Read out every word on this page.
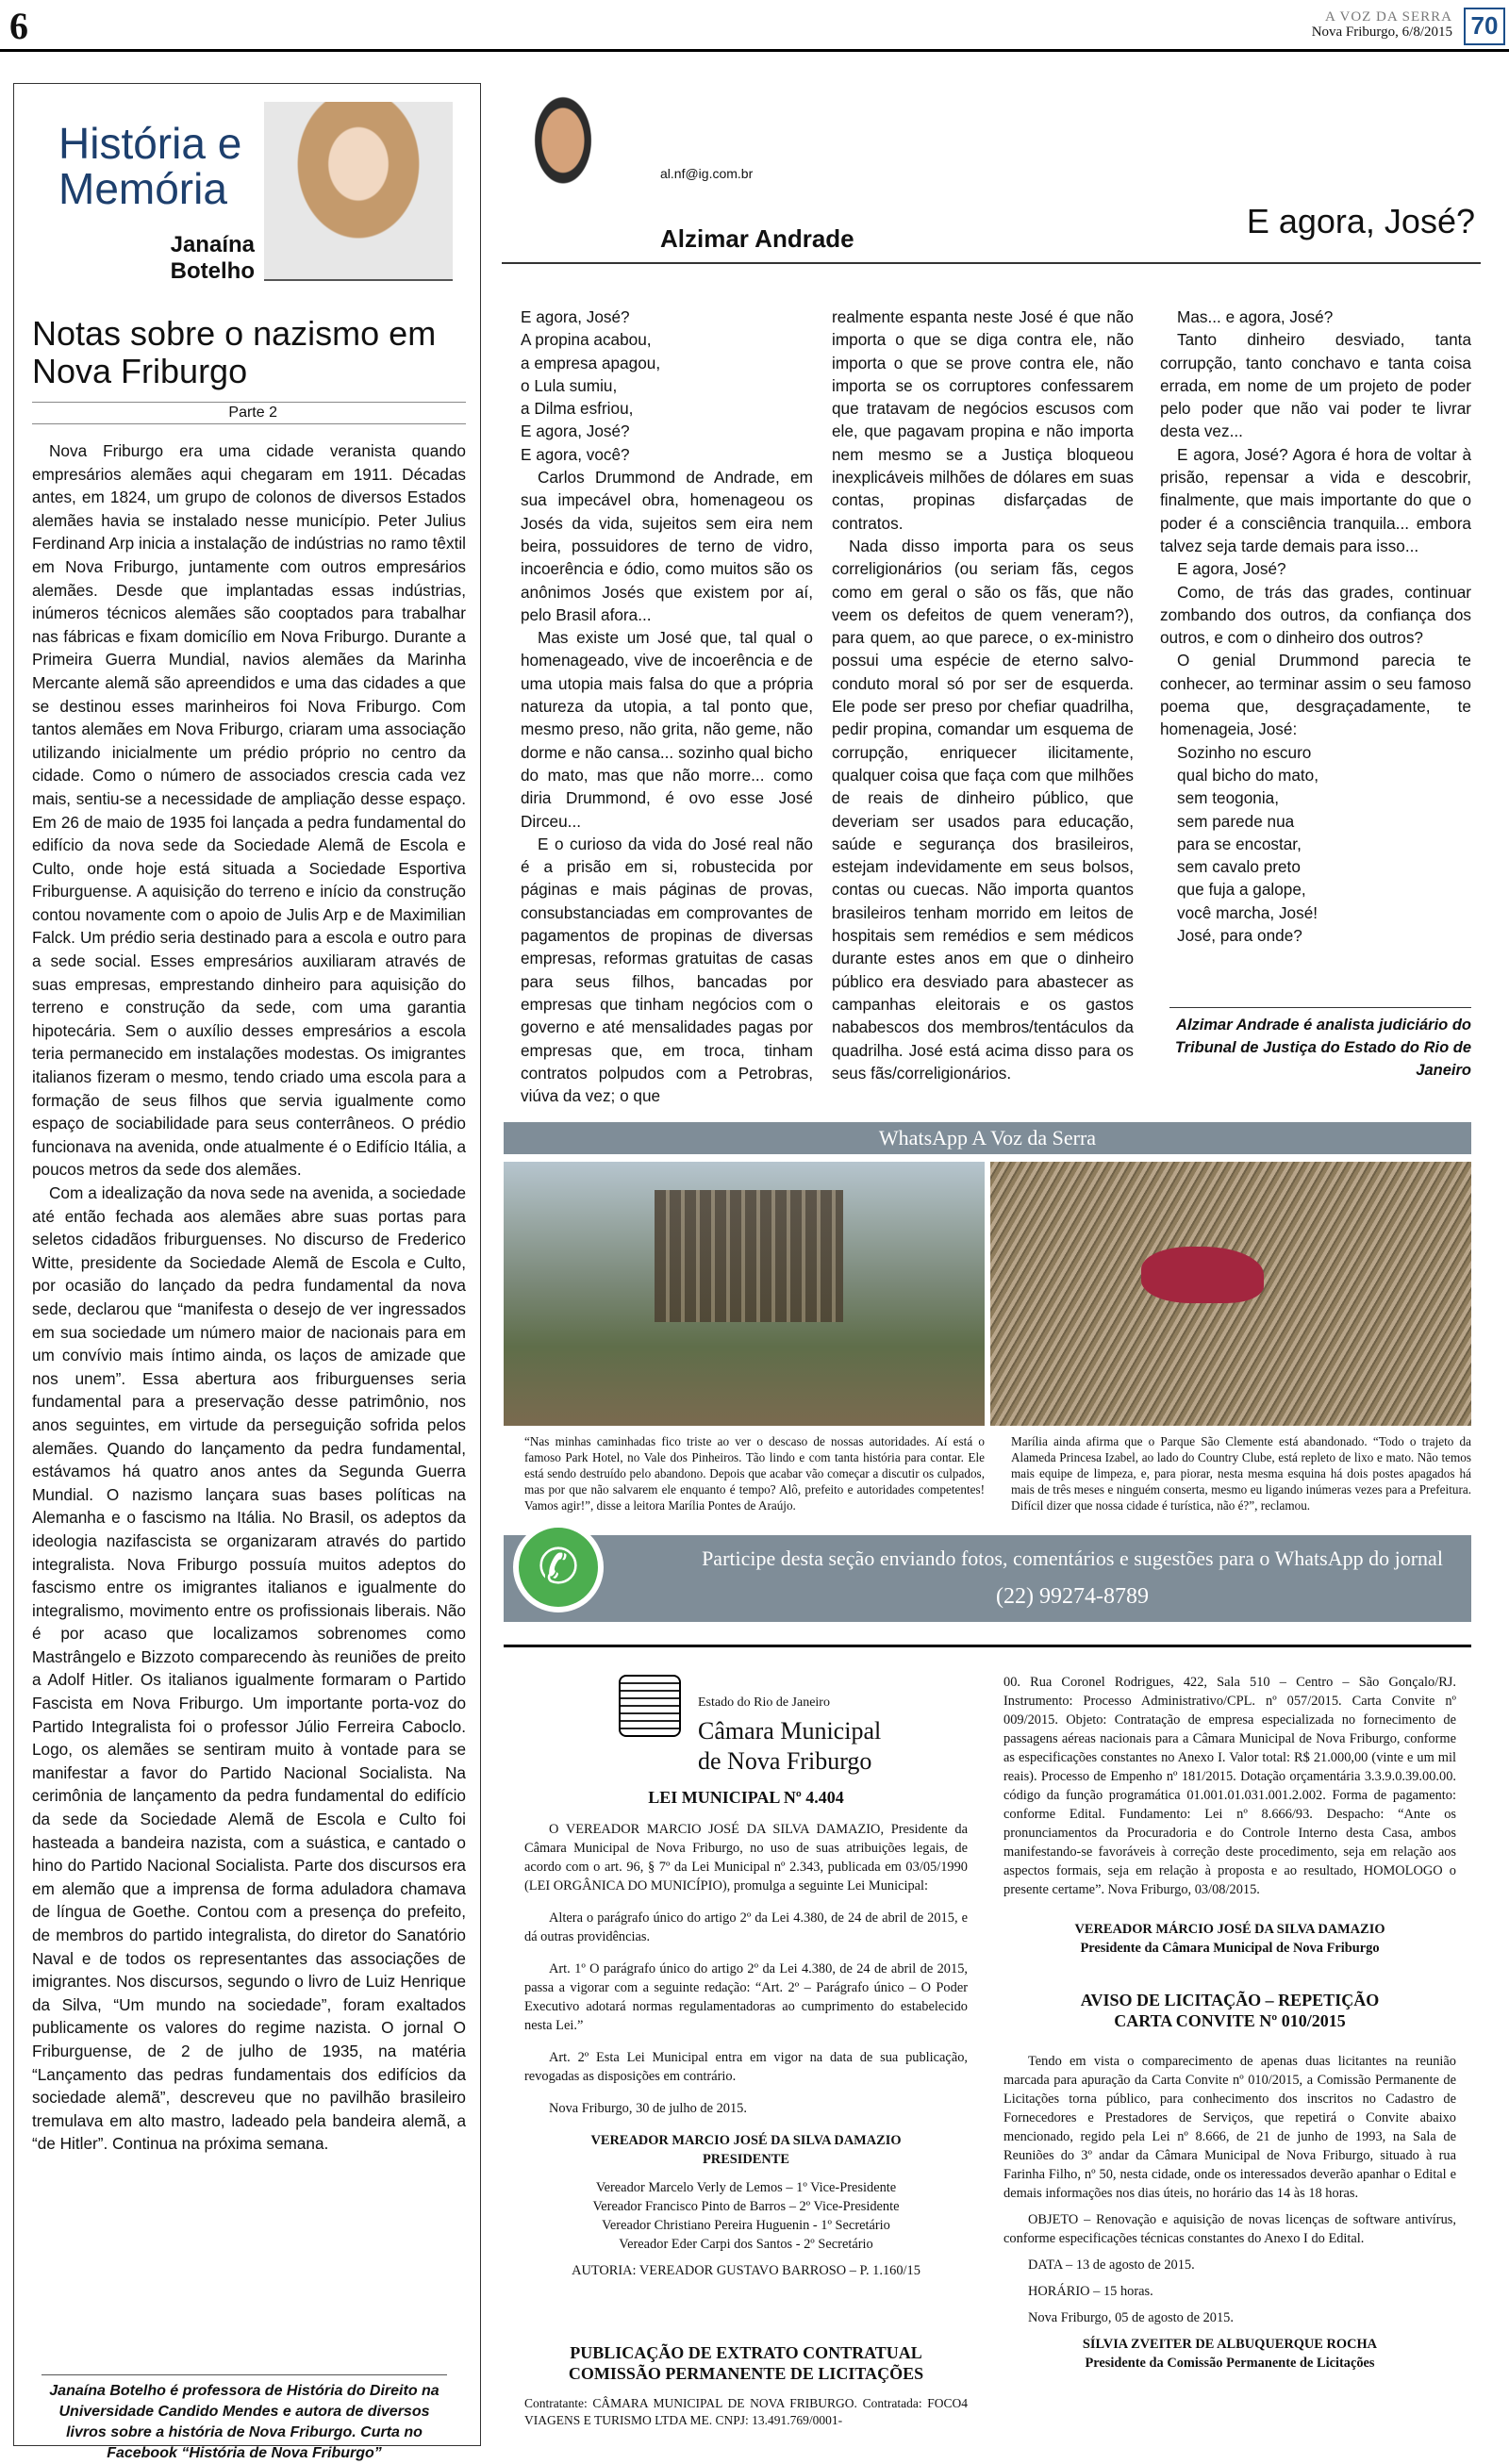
6	A VOZ DA SERRA
Nova Friburgo, 6/8/2015 70
História e
Memória
Janaína
Botelho
Notas sobre o nazismo em Nova Friburgo
Parte 2

Nova Friburgo era uma cidade veranista quando empresários alemães aqui chegaram em 1911. Décadas antes, em 1824, um grupo de colonos de diversos Estados alemães havia se instalado nesse município. Peter Julius Ferdinand Arp inicia a instalação de indústrias no ramo têxtil em Nova Friburgo, juntamente com outros empresários alemães. Desde que implantadas essas indústrias, inúmeros técnicos alemães são cooptados para trabalhar nas fábricas e fixam domicílio em Nova Friburgo. Durante a Primeira Guerra Mundial, navios alemães da Marinha Mercante alemã são apreendidos e uma das cidades a que se destinou esses marinheiros foi Nova Friburgo. Com tantos alemães em Nova Friburgo, criaram uma associação utilizando inicialmente um prédio próprio no centro da cidade. Como o número de associados crescia cada vez mais, sentiu-se a necessidade de ampliação desse espaço. Em 26 de maio de 1935 foi lançada a pedra fundamental do edifício da nova sede da Sociedade Alemã de Escola e Culto, onde hoje está situada a Sociedade Esportiva Friburguense. A aquisição do terreno e início da construção contou novamente com o apoio de Julis Arp e de Maximilian Falck. Um prédio seria destinado para a escola e outro para a sede social. Esses empresários auxiliaram através de suas empresas, emprestando dinheiro para aquisição do terreno e construção da sede, com uma garantia hipotecária. Sem o auxílio desses empresários a escola teria permanecido em instalações modestas. Os imigrantes italianos fizeram o mesmo, tendo criado uma escola para a formação de seus filhos que servia igualmente como espaço de sociabilidade para seus conterrâneos. O prédio funcionava na avenida, onde atualmente é o Edifício Itália, a poucos metros da sede dos alemães.

Com a idealização da nova sede na avenida, a sociedade até então fechada aos alemães abre suas portas para seletos cidadãos friburguenses. No discurso de Frederico Witte, presidente da Sociedade Alemã de Escola e Culto, por ocasião do lançado da pedra fundamental da nova sede, declarou que “manifesta o desejo de ver ingressados em sua sociedade um número maior de nacionais para em um convívio mais íntimo ainda, os laços de amizade que nos unem”. Essa abertura aos friburguenses seria fundamental para a preservação desse patrimônio, nos anos seguintes, em virtude da perseguição sofrida pelos alemães. Quando do lançamento da pedra fundamental, estávamos há quatro anos antes da Segunda Guerra Mundial. O nazismo lançara suas bases políticas na Alemanha e o fascismo na Itália. No Brasil, os adeptos da ideologia nazifascista se organizaram através do partido integralista. Nova Friburgo possuía muitos adeptos do fascismo entre os imigrantes italianos e igualmente do integralismo, movimento entre os profissionais liberais. Não é por acaso que localizamos sobrenomes como Mastrângelo e Bizzoto comparecendo às reuniões de preito a Adolf Hitler. Os italianos igualmente formaram o Partido Fascista em Nova Friburgo. Um importante porta-voz do Partido Integralista foi o professor Júlio Ferreira Caboclo. Logo, os alemães se sentiram muito à vontade para se manifestar a favor do Partido Nacional Socialista. Na cerimônia de lançamento da pedra fundamental do edifício da sede da Sociedade Alemã de Escola e Culto foi hasteada a bandeira nazista, com a suástica, e cantado o hino do Partido Nacional Socialista. Parte dos discursos era em alemão que a imprensa de forma aduladora chamava de língua de Goethe. Contou com a presença do prefeito, de membros do partido integralista, do diretor do Sanatório Naval e de todos os representantes das associações de imigrantes. Nos discursos, segundo o livro de Luiz Henrique da Silva, “Um mundo na sociedade”, foram exaltados publicamente os valores do regime nazista. O jornal O Friburguense, de 2 de julho de 1935, na matéria “Lançamento das pedras fundamentais dos edifícios da sociedade alemã”, descreveu que no pavilhão brasileiro tremulava em alto mastro, ladeado pela bandeira alemã, a “de Hitler”. Continua na próxima semana.

Janaína Botelho é professora de História do Direito na Universidade Candido Mendes e autora de diversos livros sobre a história de Nova Friburgo. Curta no Facebook “História de Nova Friburgo”
al.nf@ig.com.br
Alzimar Andrade	E agora, José?

E agora, José?
A propina acabou,
a empresa apagou,
o Lula sumiu,
a Dilma esfriou,
E agora, José?
E agora, você?

Carlos Drummond de Andrade, em sua impecável obra, homenageou os Josés da vida, sujeitos sem eira nem beira, possuidores de terno de vidro, incoerência e ódio, como muitos são os anônimos Josés que existem por aí, pelo Brasil afora...

Mas existe um José que, tal qual o homenageado, vive de incoerência e de uma utopia mais falsa do que a própria natureza da utopia, a tal ponto que, mesmo preso, não grita, não geme, não dorme e não cansa... sozinho qual bicho do mato, mas que não morre... como diria Drummond, é ovo esse José Dirceu...

E o curioso da vida do José real não é a prisão em si, robustecida por páginas e mais páginas de provas, consubstanciadas em comprovantes de pagamentos de propinas de diversas empresas, reformas gratuitas de casas para seus filhos, bancadas por empresas que tinham negócios com o governo e até mensalidades pagas por empresas que, em troca, tinham contratos polpudos com a Petrobras, viúva da vez; o que

realmente espanta neste José é que não importa o que se diga contra ele, não importa o que se prove contra ele, não importa se os corruptores confessarem que tratavam de negócios escusos com ele, que pagavam propina e não importa nem mesmo se a Justiça bloqueou inexplicáveis milhões de dólares em suas contas, propinas disfarçadas de contratos.

Nada disso importa para os seus correligionários (ou seriam fãs, cegos como em geral o são os fãs, que não veem os defeitos de quem veneram?), para quem, ao que parece, o ex-ministro possui uma espécie de eterno salvo-conduto moral só por ser de esquerda. Ele pode ser preso por chefiar quadrilha, pedir propina, comandar um esquema de corrupção, enriquecer ilicitamente, qualquer coisa que faça com que milhões de reais de dinheiro público, que deveriam ser usados para educação, saúde e segurança dos brasileiros, estejam indevidamente em seus bolsos, contas ou cuecas. Não importa quantos brasileiros tenham morrido em leitos de hospitais sem remédios e sem médicos durante estes anos em que o dinheiro público era desviado para abastecer as campanhas eleitorais e os gastos nababescos dos membros/tentáculos da quadrilha. José está acima disso para os seus fãs/correligionários.

Mas... e agora, José?

Tanto dinheiro desviado, tanta corrupção, tanto conchavo e tanta coisa errada, em nome de um projeto de poder pelo poder que não vai poder te livrar desta vez...

E agora, José? Agora é hora de voltar à prisão, repensar a vida e descobrir, finalmente, que mais importante do que o poder é a consciência tranquila... embora talvez seja tarde demais para isso...

E agora, José?

Como, de trás das grades, continuar zombando dos outros, da confiança dos outros, e com o dinheiro dos outros?

O genial Drummond parecia te conhecer, ao terminar assim o seu famoso poema que, desgraçadamente, te homenageia, José:

Sozinho no escuro
qual bicho do mato,
sem teogonia,
sem parede nua
para se encostar,
sem cavalo preto
que fuja a galope,
você marcha, José!
José, para onde?

Alzimar Andrade é analista judiciário do Tribunal de Justiça do Estado do Rio de Janeiro
WhatsApp A Voz da Serra
“Nas minhas caminhadas fico triste ao ver o descaso de nossas autoridades. Aí está o famoso Park Hotel, no Vale dos Pinheiros. Tão lindo e com tanta história para contar. Ele está sendo destruído pelo abandono. Depois que acabar vão começar a discutir os culpados, mas por que não salvarem ele enquanto é tempo? Alô, prefeito e autoridades competentes! Vamos agir!”, disse a leitora Marília Pontes de Araújo.
Marília ainda afirma que o Parque São Clemente está abandonado. “Todo o trajeto da Alameda Princesa Izabel, ao lado do Country Clube, está repleto de lixo e mato. Não temos mais equipe de limpeza, e, para piorar, nesta mesma esquina há dois postes apagados há mais de três meses e ninguém conserta, mesmo eu ligando inúmeras vezes para a Prefeitura. Difícil dizer que nossa cidade é turística, não é?”, reclamou.
Participe desta seção enviando fotos, comentários e sugestões para o WhatsApp do jornal
(22) 99274-8789
✆
Estado do Rio de Janeiro
Câmara Municipal
de Nova Friburgo
LEI MUNICIPAL Nº 4.404

O VEREADOR MARCIO JOSÉ DA SILVA DAMAZIO, Presidente da Câmara Municipal de Nova Friburgo, no uso de suas atribuições legais, de acordo com o art. 96, § 7º da Lei Municipal nº 2.343, publicada em 03/05/1990 (LEI ORGÂNICA DO MUNICÍPIO), promulga a seguinte Lei Municipal:

Altera o parágrafo único do artigo 2º da Lei 4.380, de 24 de abril de 2015, e dá outras providências.

Art. 1º O parágrafo único do artigo 2º da Lei 4.380, de 24 de abril de 2015, passa a vigorar com a seguinte redação: “Art. 2º – Parágrafo único – O Poder Executivo adotará normas regulamentadoras ao cumprimento do estabelecido nesta Lei.”

Art. 2º Esta Lei Municipal entra em vigor na data de sua publicação, revogadas as disposições em contrário.

Nova Friburgo, 30 de julho de 2015.

VEREADOR MARCIO JOSÉ DA SILVA DAMAZIO
PRESIDENTE

Vereador Marcelo Verly de Lemos – 1º Vice-Presidente
Vereador Francisco Pinto de Barros – 2º Vice-Presidente
Vereador Christiano Pereira Huguenin - 1º Secretário
Vereador Eder Carpi dos Santos - 2º Secretário

AUTORIA: VEREADOR GUSTAVO BARROSO – P. 1.160/15

PUBLICAÇÃO DE EXTRATO CONTRATUAL
COMISSÃO PERMANENTE DE LICITAÇÕES
Contratante: CÂMARA MUNICIPAL DE NOVA FRIBURGO. Contratada: FOCO4 VIAGENS E TURISMO LTDA ME. CNPJ: 13.491.769/0001-

00. Rua Coronel Rodrigues, 422, Sala 510 – Centro – São Gonçalo/RJ. Instrumento: Processo Administrativo/CPL. nº 057/2015. Carta Convite nº 009/2015. Objeto: Contratação de empresa especializada no fornecimento de passagens aéreas nacionais para a Câmara Municipal de Nova Friburgo, conforme as especificações constantes no Anexo I. Valor total: R$ 21.000,00 (vinte e um mil reais). Processo de Empenho nº 181/2015. Dotação orçamentária 3.3.9.0.39.00.00. código da função programática 01.001.01.031.001.2.002. Forma de pagamento: conforme Edital. Fundamento: Lei nº 8.666/93. Despacho: “Ante os pronunciamentos da Procuradoria e do Controle Interno desta Casa, ambos manifestando-se favoráveis à correção deste procedimento, seja em relação aos aspectos formais, seja em relação à proposta e ao resultado, HOMOLOGO o presente certame”. Nova Friburgo, 03/08/2015.

VEREADOR MÁRCIO JOSÉ DA SILVA DAMAZIO
Presidente da Câmara Municipal de Nova Friburgo

AVISO DE LICITAÇÃO – REPETIÇÃO
CARTA CONVITE Nº 010/2015

Tendo em vista o comparecimento de apenas duas licitantes na reunião marcada para apuração da Carta Convite nº 010/2015, a Comissão Permanente de Licitações torna público, para conhecimento dos inscritos no Cadastro de Fornecedores e Prestadores de Serviços, que repetirá o Convite abaixo mencionado, regido pela Lei nº 8.666, de 21 de junho de 1993, na Sala de Reuniões do 3º andar da Câmara Municipal de Nova Friburgo, situado à rua Farinha Filho, nº 50, nesta cidade, onde os interessados deverão apanhar o Edital e demais informações nos dias úteis, no horário das 14 às 18 horas.

OBJETO – Renovação e aquisição de novas licenças de software antivírus, conforme especificações técnicas constantes do Anexo I do Edital.

DATA – 13 de agosto de 2015.

HORÁRIO – 15 horas.

Nova Friburgo, 05 de agosto de 2015.

SÍLVIA ZVEITER DE ALBUQUERQUE ROCHA
Presidente da Comissão Permanente de Licitações
